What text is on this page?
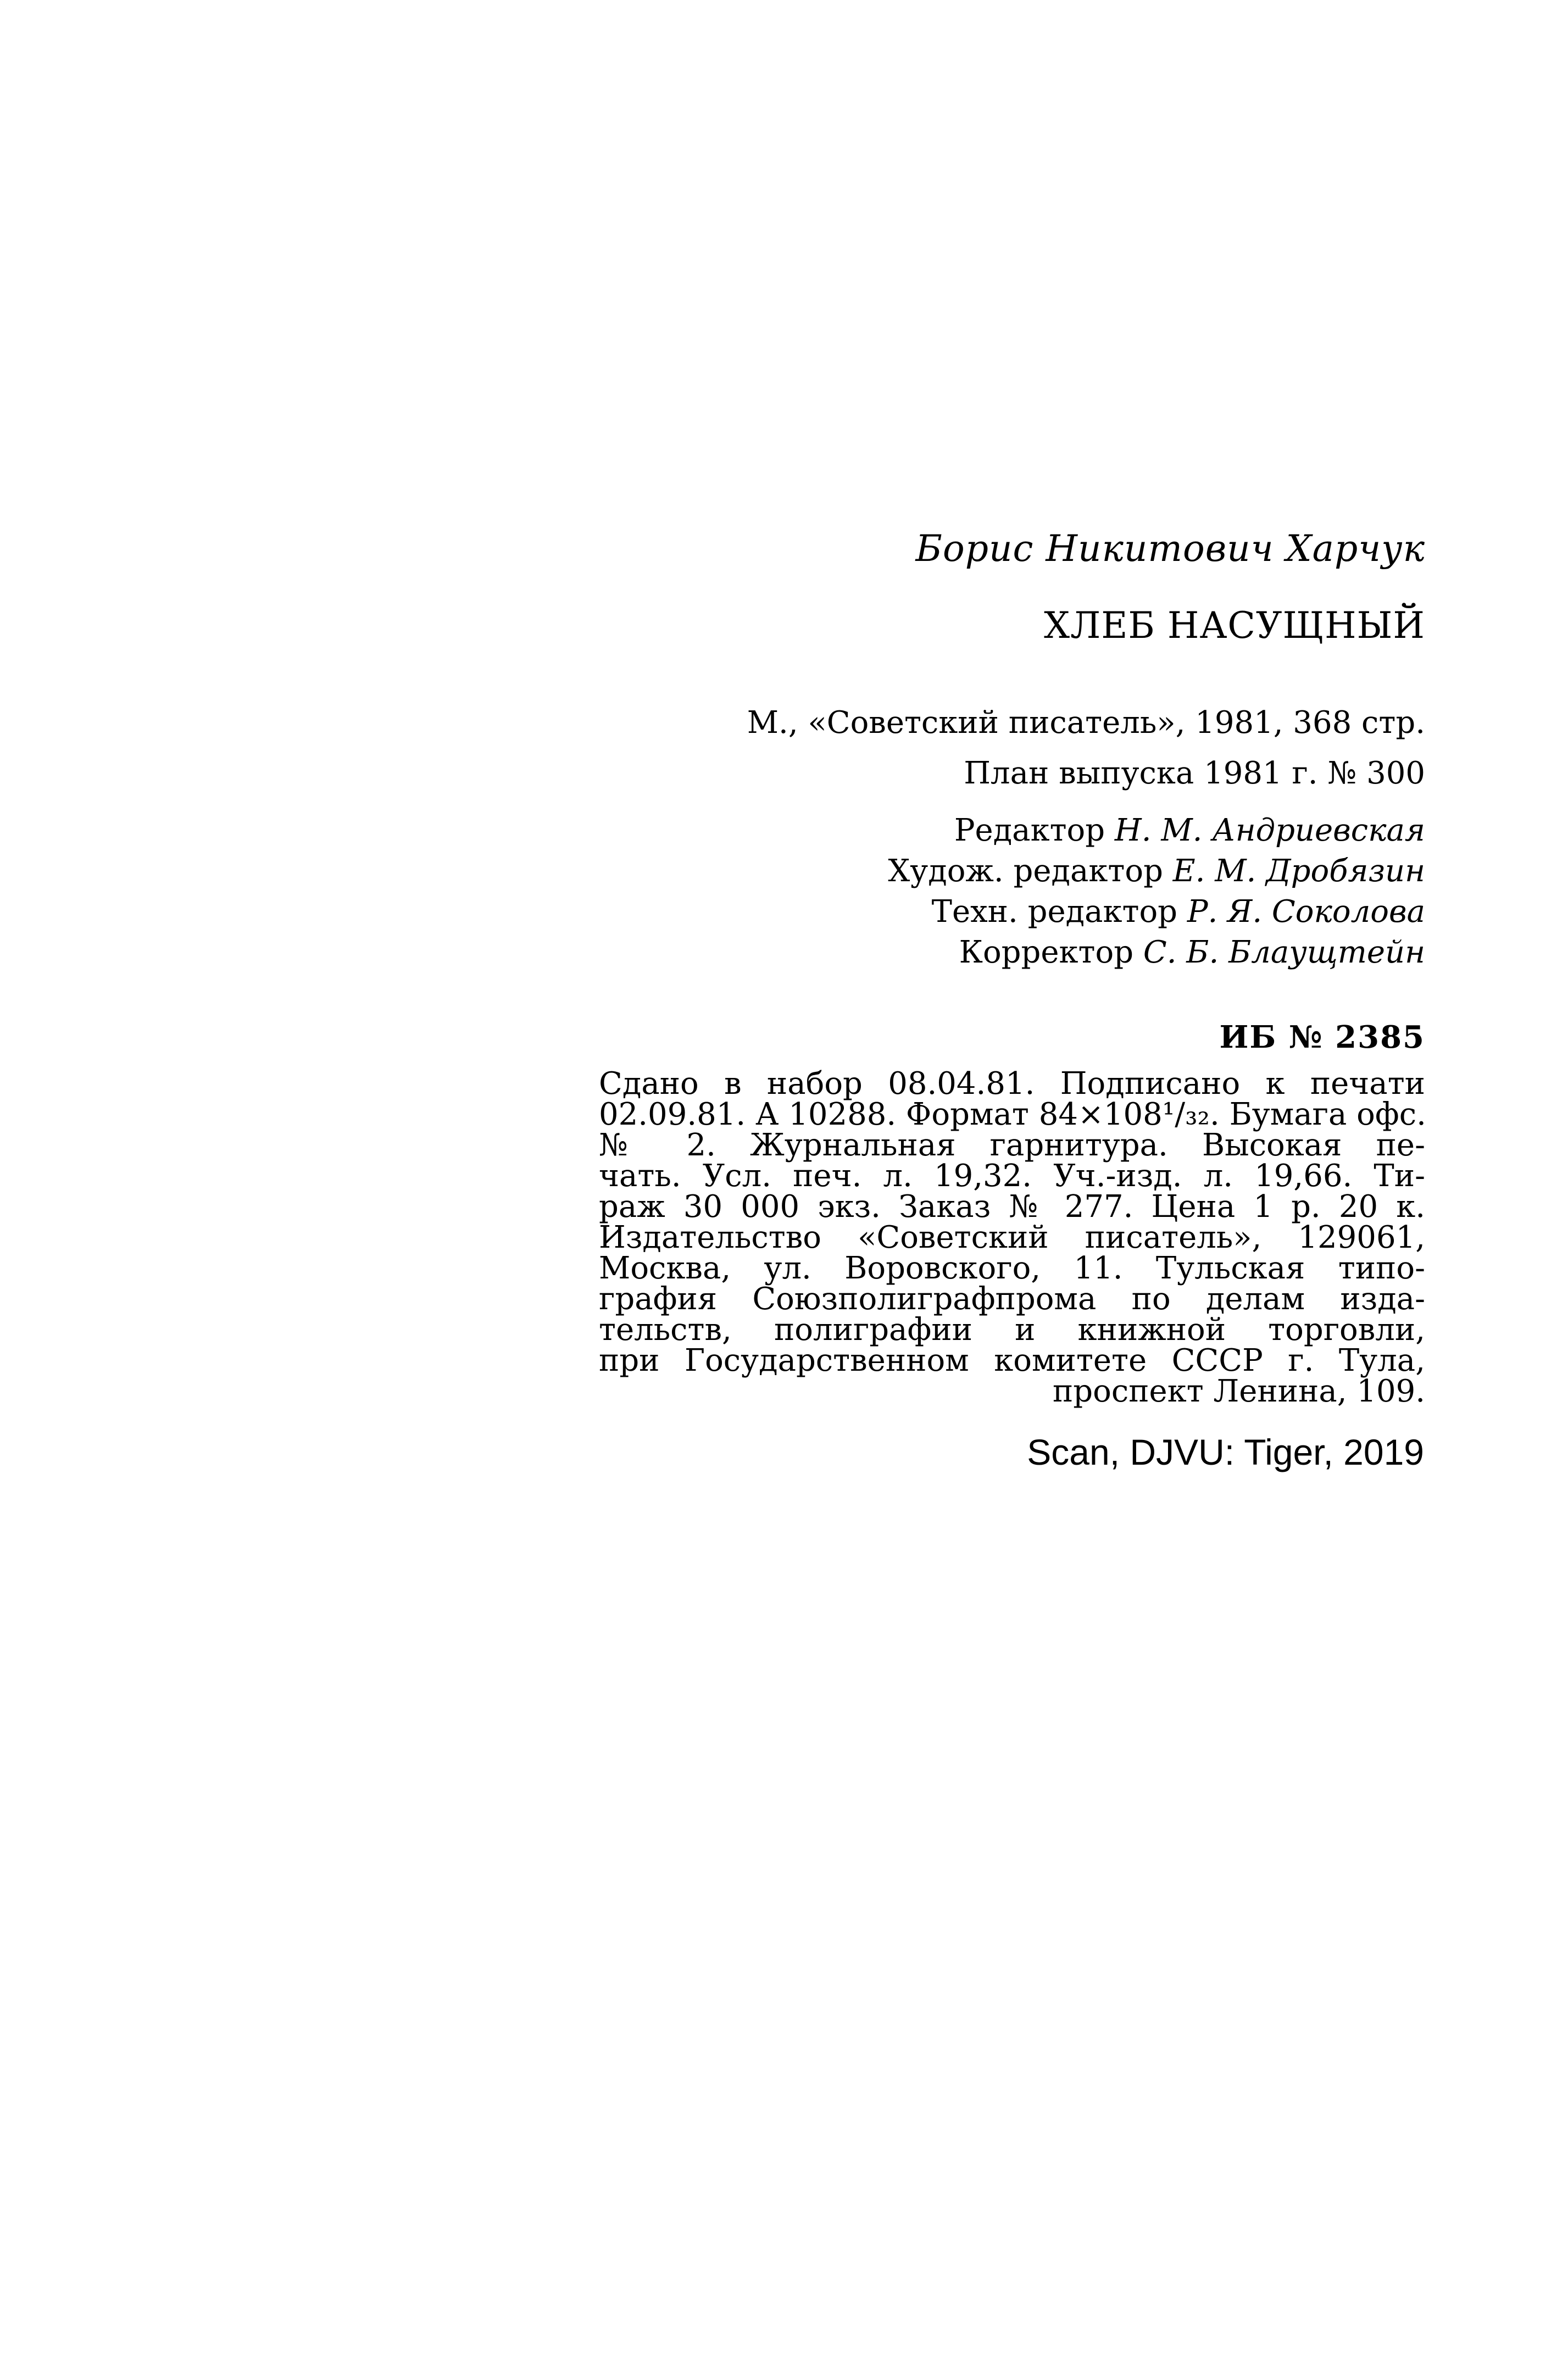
Борис Никитович Харчук
ХЛЕБ НАСУЩНЫЙ
М., «Советский писатель», 1981, 368 стр.
План выпуска 1981 г. № 300
Редактор Н. М. Андриевская
Худож. редактор Е. М. Дробязин
Техн. редактор Р. Я. Соколова
Корректор С. Б. Блаущтейн
ИБ № 2385
Сдано в набор 08.04.81. Подписано к печати
02.09.81. А 10288. Формат 84×108¹/₃₂. Бумага офс.
№ 2. Журнальная гарнитура. Высокая пе-
чать. Усл. печ. л. 19,32. Уч.-изд. л. 19,66. Ти-
раж 30 000 экз. Заказ № 277. Цена 1 р. 20 к.
Издательство «Советский писатель», 129061,
Москва, ул. Воровского, 11. Тульская типо-
графия Союзполиграфпрома по делам изда-
тельств, полиграфии и книжной торговли,
при Государственном комитете СССР г. Тула,
проспект Ленина, 109.
Scan, DJVU: Tiger, 2019
